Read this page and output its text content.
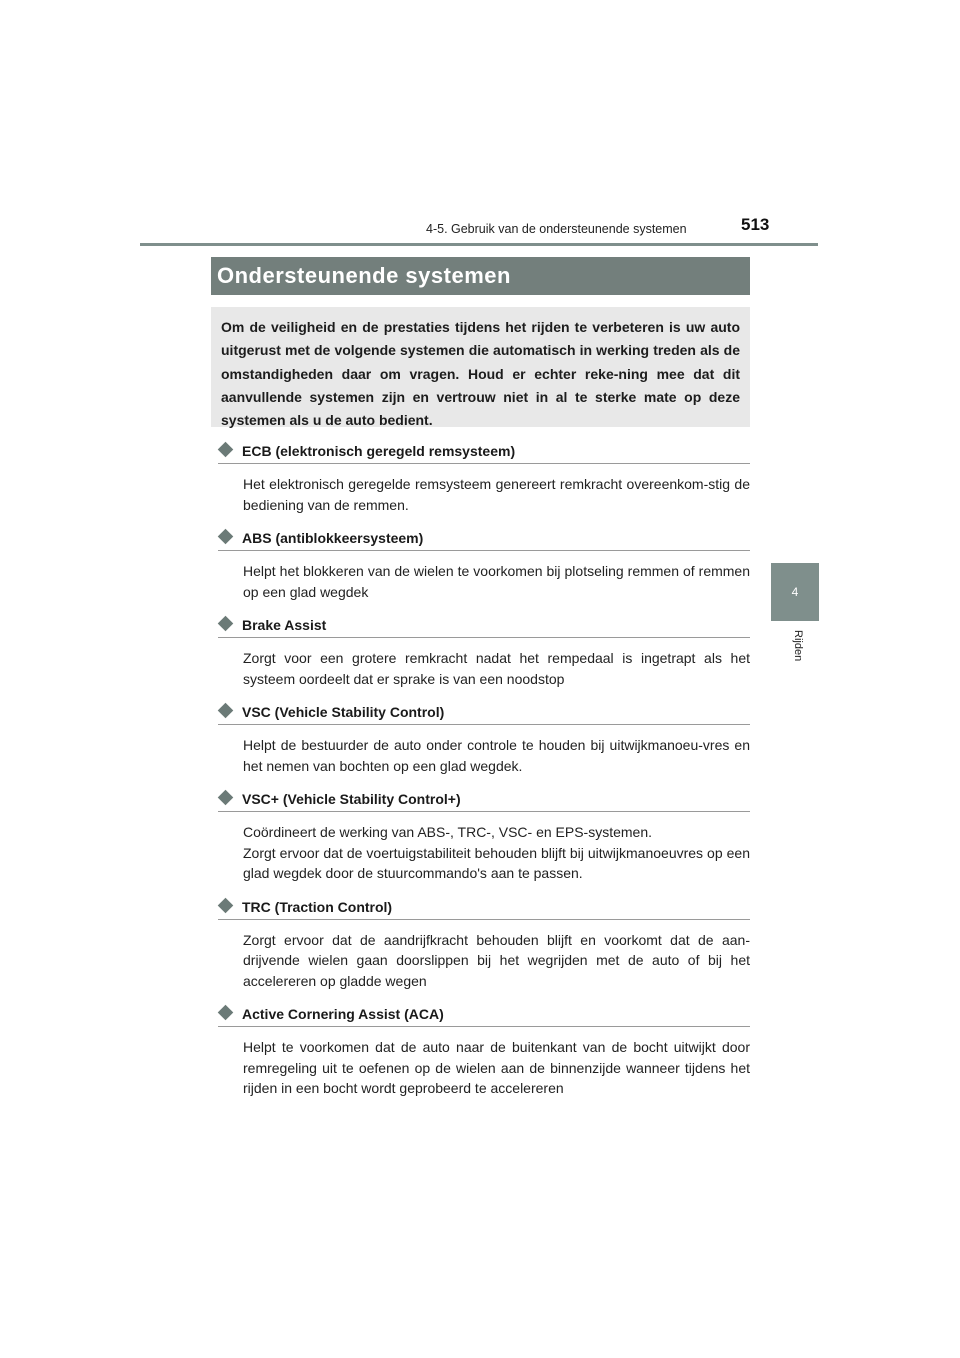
4-5. Gebruik van de ondersteunende systemen	513
4
Rijden
Ondersteunende systemen
Om de veiligheid en de prestaties tijdens het rijden te verbeteren is uw auto uitgerust met de volgende systemen die automatisch in werking treden als de omstandigheden daar om vragen. Houd er echter reke-ning mee dat dit aanvullende systemen zijn en vertrouw niet in al te sterke mate op deze systemen als u de auto bedient.
ECB (elektronisch geregeld remsysteem)

Het elektronisch geregelde remsysteem genereert remkracht overeenkom-stig de bediening van de remmen.

ABS (antiblokkeersysteem)

Helpt het blokkeren van de wielen te voorkomen bij plotseling remmen of remmen op een glad wegdek

Brake Assist

Zorgt voor een grotere remkracht nadat het rempedaal is ingetrapt als het systeem oordeelt dat er sprake is van een noodstop

VSC (Vehicle Stability Control)

Helpt de bestuurder de auto onder controle te houden bij uitwijkmanoeu-vres en het nemen van bochten op een glad wegdek.

VSC+ (Vehicle Stability Control+)

Coördineert de werking van ABS-, TRC-, VSC- en EPS-systemen.

Zorgt ervoor dat de voertuigstabiliteit behouden blijft bij uitwijkmanoeuvres op een glad wegdek door de stuurcommando's aan te passen.

TRC (Traction Control)

Zorgt ervoor dat de aandrijfkracht behouden blijft en voorkomt dat de aan-drijvende wielen gaan doorslippen bij het wegrijden met de auto of bij het accelereren op gladde wegen

Active Cornering Assist (ACA)

Helpt te voorkomen dat de auto naar de buitenkant van de bocht uitwijkt door remregeling uit te oefenen op de wielen aan de binnenzijde wanneer tijdens het rijden in een bocht wordt geprobeerd te accelereren
